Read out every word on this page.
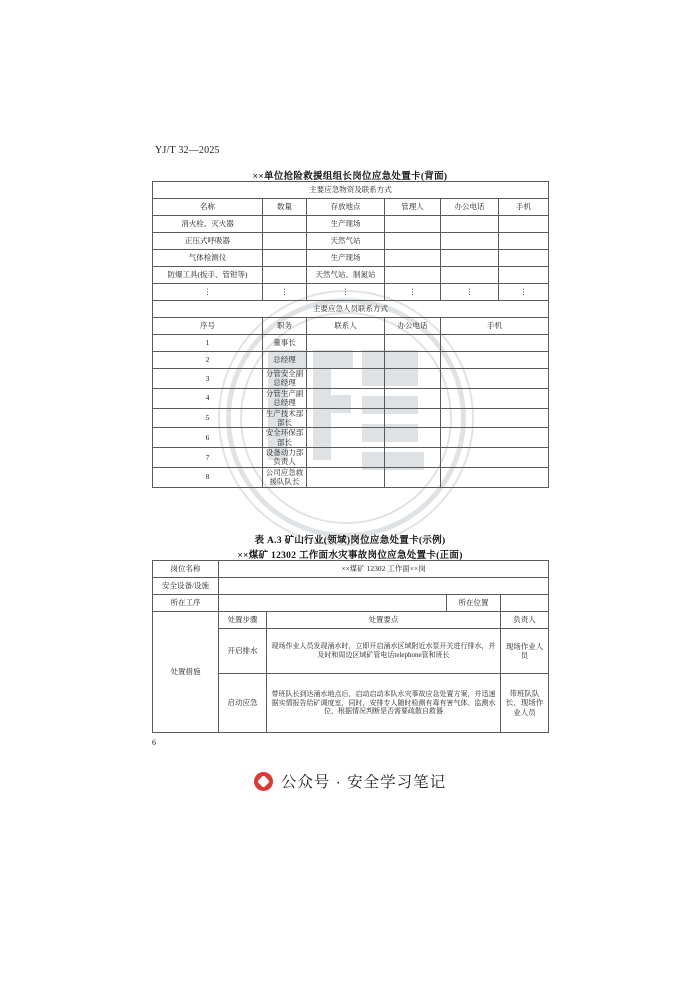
YJ/T 32—2025
××单位抢险救援组组长岗位应急处置卡(背面)
主要应急物资及联系方式					
名称	数量	存放地点	管理人	办公电话	手机
消火栓、灭火器		生产现场			
正压式呼吸器		天然气站			
气体检测仪		生产现场			
防爆工具(扳手、管钳等)		天然气站、制氮站			
⋮	⋮	⋮	⋮	⋮	⋮
主要应急人员联系方式					
序号	职务	联系人	办公电话	手机	
1	董事长				
2	总经理				
3	分管安全副总经理				
4	分管生产副总经理				
5	生产技术部部长				
6	安全环保部部长				
7	设备动力部负责人				
8	公司应急救援队队长				
表 A.3 矿山行业(领域)岗位应急处置卡(示例)
××煤矿 12302 工作面水灾事故岗位应急处置卡(正面)
岗位名称	××煤矿 12302 工作面××岗			
安全设备/设施				
所在工序			所在位置	
处置措施	处置步骤	处置要点		负责人
	开启排水	现场作业人员发现涌水时，立即开启涌水区域附近水泵开关进行排水，并及时和周边区域矿管电话telephone管和班长		现场作业人员
	启动应急	带班队长到达涌水地点后，启动启动本队水灾事故应急处置方案，并迅速据实情报告给矿调度室，同时，安排专人随时检测有毒有害气体、监测水位，根据情况判断是否需要疏散自救器		带班队队长、现场作业人员
6
公众号 · 安全学习笔记
